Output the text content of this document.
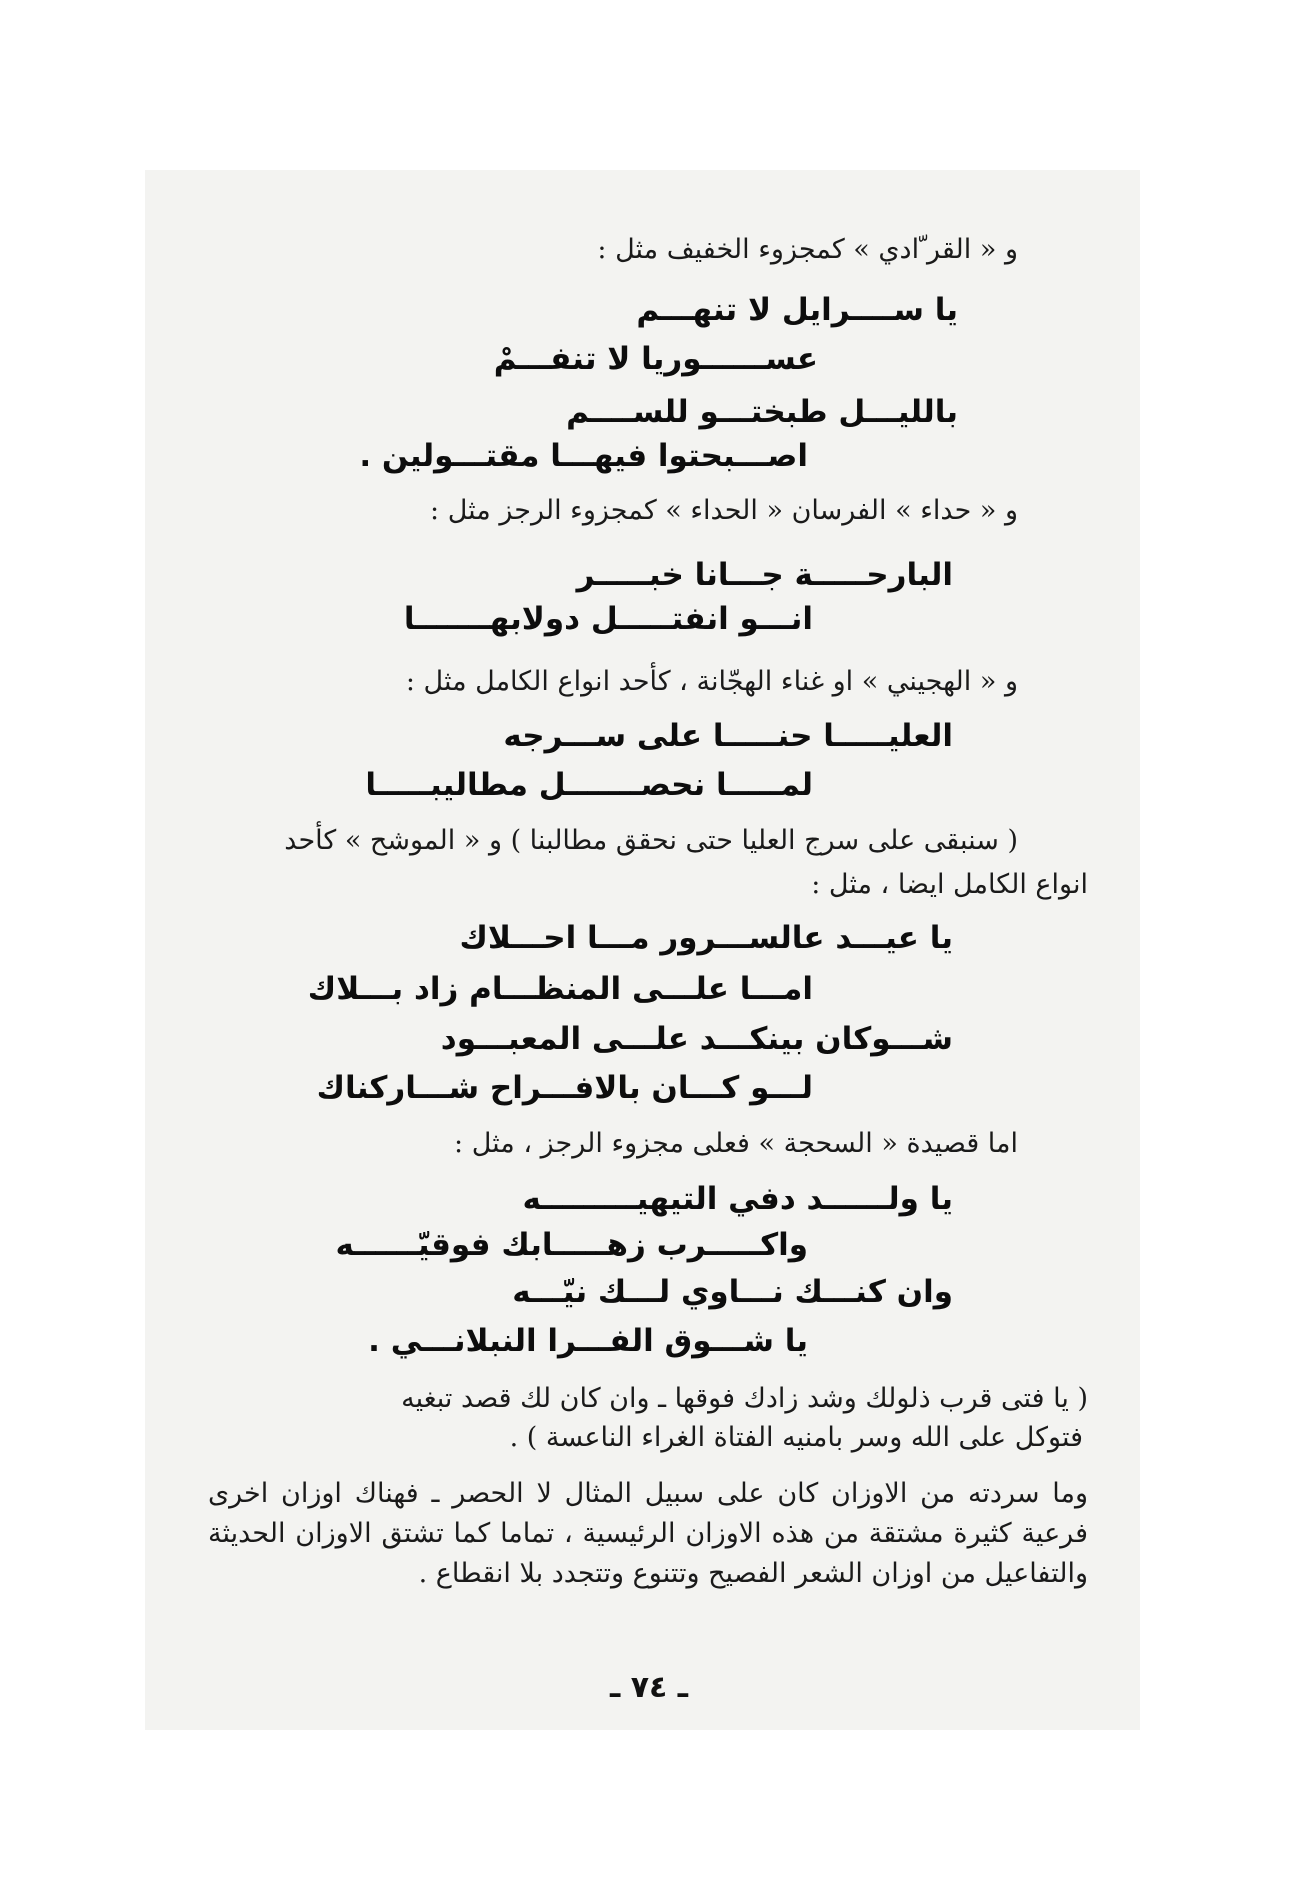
و « القر ّادي » كمجزوء الخفيف مثل :
يا ســــرايل لا تنهـــم
عســــــوريا لا تنفـــمْ
بالليـــل طبختـــو للســــم
اصـــبحتوا فيهـــا مقتـــولين .
و « حداء » الفرسان « الحداء » كمجزوء الرجز مثل :
البارحـــــة جـــانا خبـــــر
انـــو انفتـــــل دولابهـــــــا
و « الهجيني » او غناء الهجّانة ، كأحد انواع الكامل مثل :
العليـــــا حنـــــا على ســـرجه
لمـــــا نحصـــــــل مطاليبـــــا
( سنبقى على سرج العليا حتى نحقق مطالبنا ) و « الموشح » كأحد
انواع الكامل ايضا ، مثل :
يا عيـــد عالســـرور مـــا احـــلاك
امـــا علـــى المنظـــام زاد بـــلاك
شـــوكان بينكـــد علـــى المعبـــود
لـــو كـــان بالافـــراح شـــاركناك
اما قصيدة « السحجة » فعلى مجزوء الرجز ، مثل :
يا ولــــــد دفي التيهيـــــــــه
واكـــــرب زهـــــابك فوقيّــــــه
وان كنـــك نـــاوي لـــك نيّـــه
يا شـــوق الفـــرا النبلانـــي .
( يا فتى قرب ذلولك وشد زادك فوقها ـ وان كان لك قصد تبغيه
فتوكل على الله وسر بامنيه الفتاة الغراء الناعسة ) .
وما سردته من الاوزان كان على سبيل المثال لا الحصر ـ فهناك اوزان اخرى فرعية كثيرة مشتقة من هذه الاوزان الرئيسية ، تماما كما تشتق الاوزان الحديثة والتفاعيل من اوزان الشعر الفصيح وتتنوع وتتجدد بلا انقطاع .
ـ ٧٤ ـ
